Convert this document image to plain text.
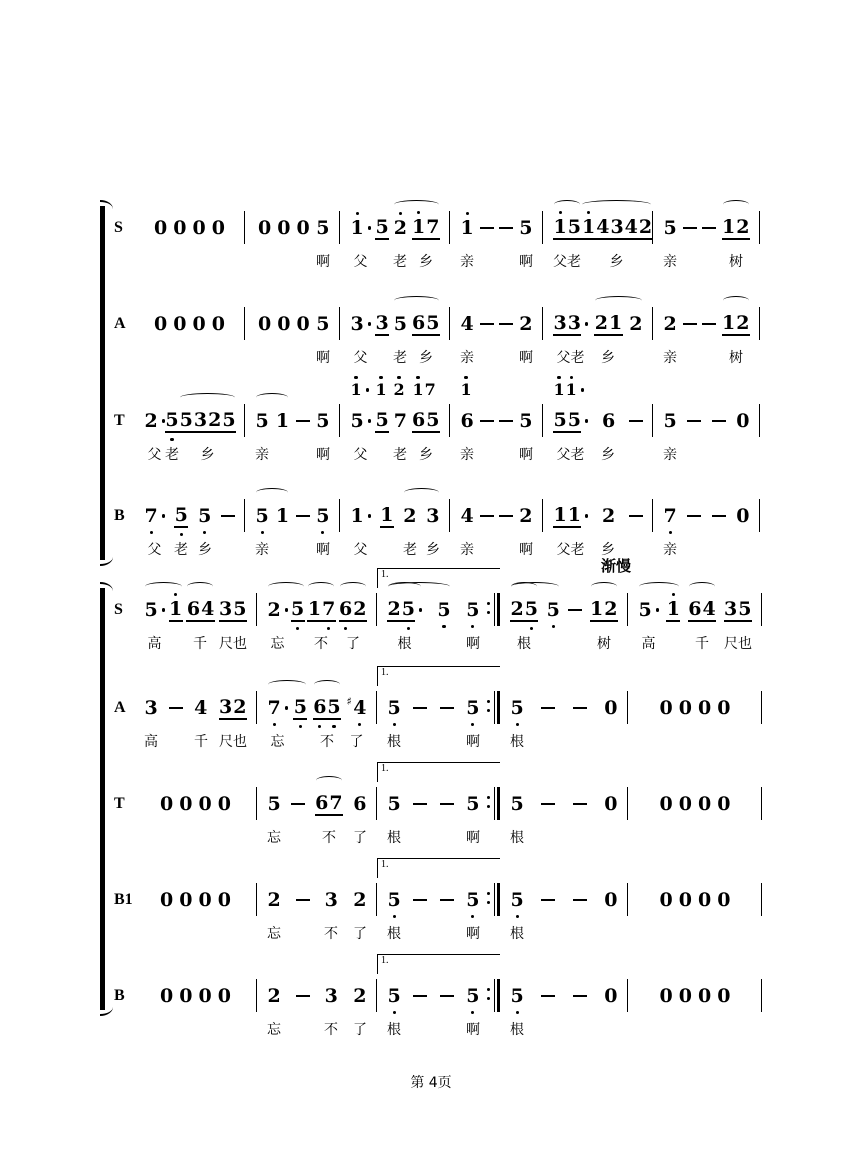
渐慢
S 0 0 0 0 0 0 0 5
啊
1 5 2 1 7
父 老 乡
1 5
亲	啊
1 5 1 4 3 4 2
父老 乡
5 1 2
亲	树
A 0 0 0 0 0 0 0 5
啊
3 3 5 6 5
父 老 乡
4 2
亲	啊
3 3 2 1 2
父老 乡
2 1 2
亲	树
T 2 5 5 3 2 5
父 老 乡
5 1 5
亲	啊
5 5 7 6 5
父 老 乡
1 1 2 1 7
6 5
亲	啊
1
5 5 6
父老 乡
1 1
5	0
亲
B 7 5 5
父 老 乡
5 1 5
亲	啊
1 1 2 3
父	老 乡
4 2
亲	啊
1 1 2
父老 乡
7	0
亲
S 5 1 6 4 3 5
高 千 尺也
2 5 1 7 6 2
忘 不 了
2 5 5 5
1.
根	啊
2 5 5 1 2
根	树
5 1 6 4 3 5
高	千 尺也
A 3 4 3 2
高	千 尺也
7 5 6 5 ♯ 4
忘	不 了
5	5
1.
根	啊
5	0
根
0 0 0 0
T 0 0 0 0 5 6 7 6
忘	不 了
5	5
1.
根	啊
5	0
根
0 0 0 0
B1 0 0 0 0 2 3 2
忘	不 了
5	5
1.
根	啊
5	0
根
0 0 0 0
B 0 0 0 0 2 3 2
忘	不 了
5	5
1.
根	啊
5	0
根
0 0 0 0
第 4页
